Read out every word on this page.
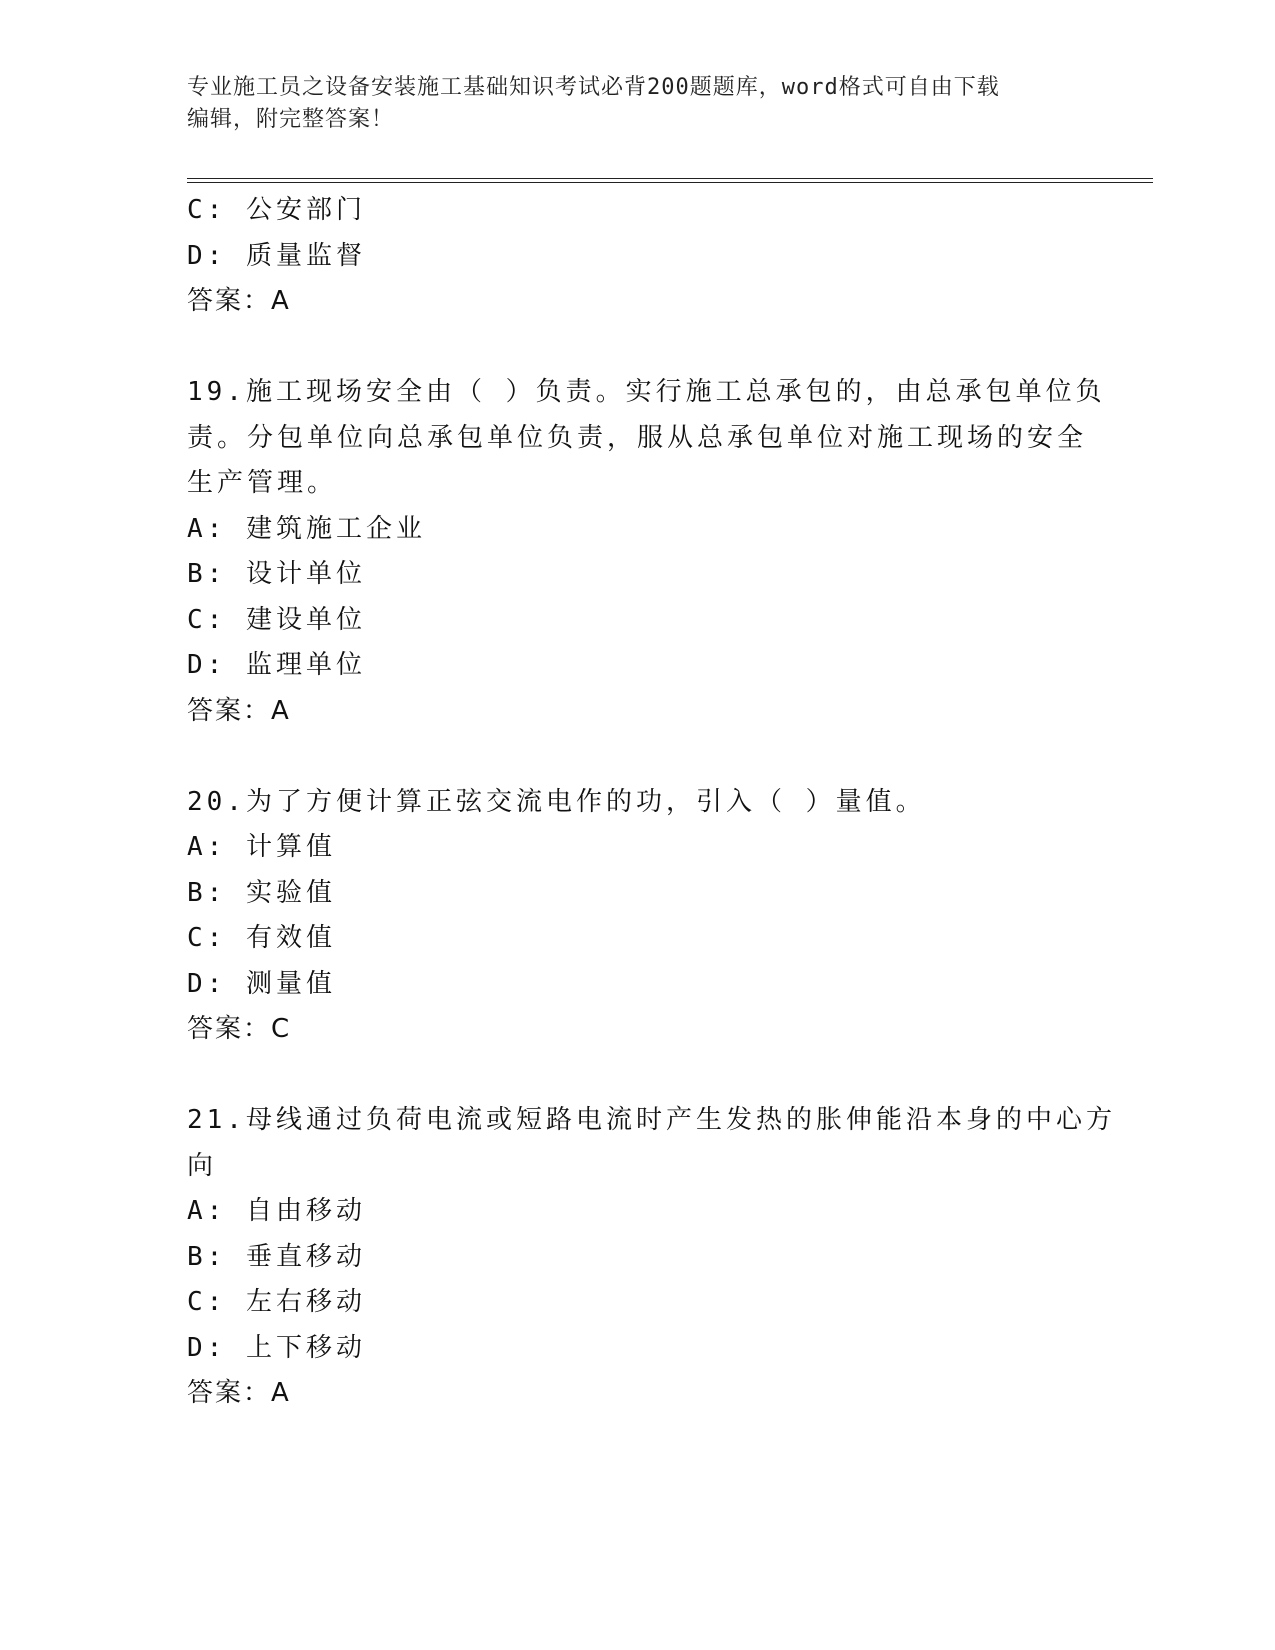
专业施工员之设备安装施工基础知识考试必背200题题库，word格式可自由下载
编辑，附完整答案！
C: 公安部门
D: 质量监督
答案：A
19.施工现场安全由（ ）负责。实行施工总承包的，由总承包单位负
责。分包单位向总承包单位负责，服从总承包单位对施工现场的安全
生产管理。
A: 建筑施工企业
B: 设计单位
C: 建设单位
D: 监理单位
答案：A
20.为了方便计算正弦交流电作的功，引入（ ）量值。
A: 计算值
B: 实验值
C: 有效值
D: 测量值
答案：C
21.母线通过负荷电流或短路电流时产生发热的胀伸能沿本身的中心方
向
A: 自由移动
B: 垂直移动
C: 左右移动
D: 上下移动
答案：A
